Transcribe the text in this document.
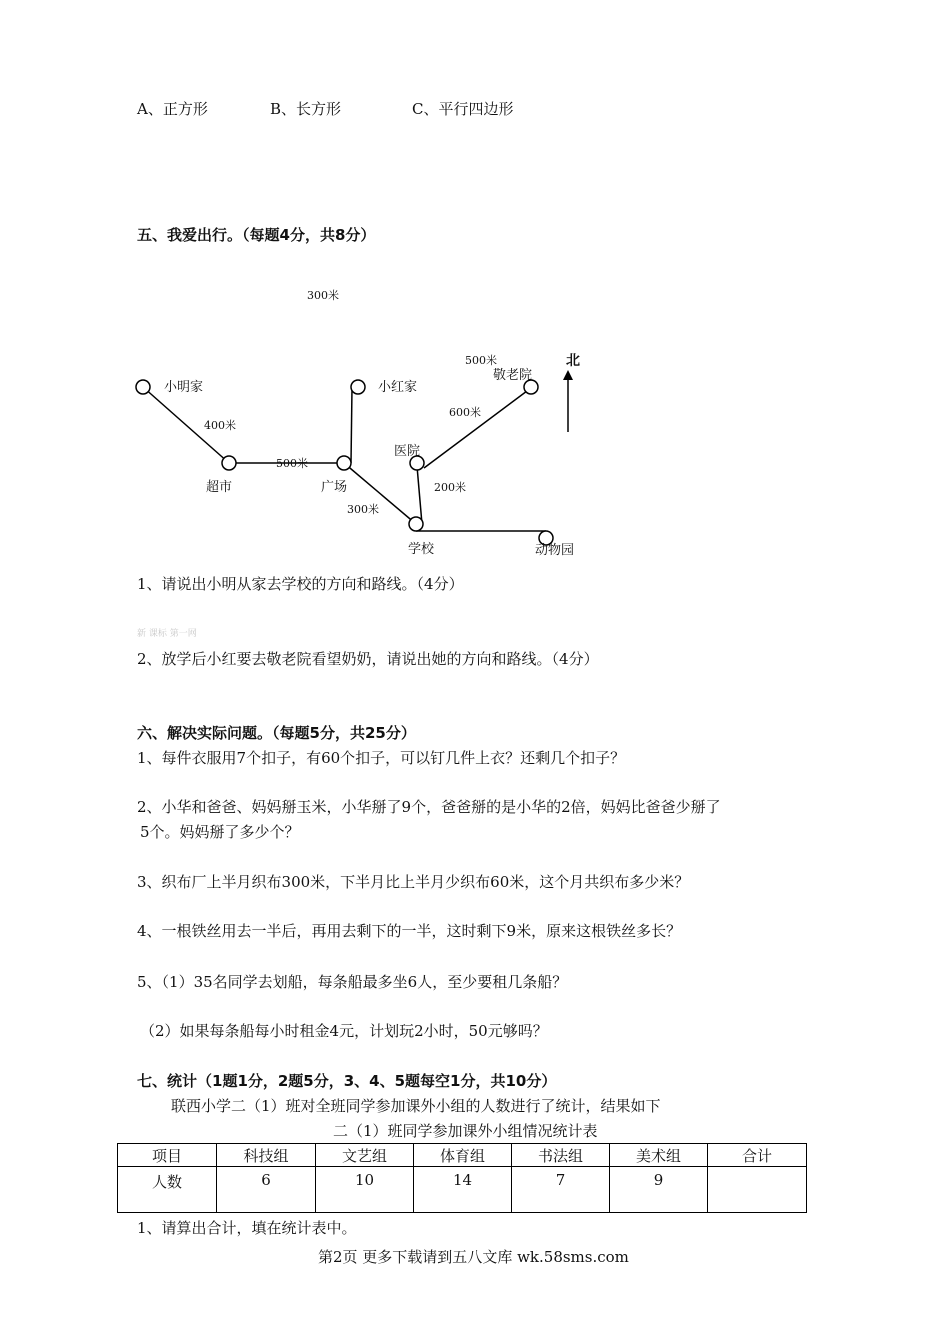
A、正方形	B、长方形	C、平行四边形
五、我爱出行。（每题4分，共8分）
300米
小明家
超市	广场
小红家
医院
学校
敬老院
动物园
400米
500米
300米
200米
600米
500米	北
1、请说出小明从家去学校的方向和路线。（4分）
新 课标 第一网
2、放学后小红要去敬老院看望奶奶，请说出她的方向和路线。（4分）
六、解决实际问题。（每题5分，共25分）
1、每件衣服用7个扣子，有60个扣子，可以钉几件上衣？还剩几个扣子？
2、小华和爸爸、妈妈掰玉米，小华掰了9个，爸爸掰的是小华的2倍，妈妈比爸爸少掰了
5个。妈妈掰了多少个？
3、织布厂上半月织布300米，下半月比上半月少织布60米，这个月共织布多少米？
4、一根铁丝用去一半后，再用去剩下的一半，这时剩下9米，原来这根铁丝多长？
5、（1）35名同学去划船，每条船最多坐6人，至少要租几条船？
（2）如果每条船每小时租金4元，计划玩2小时，50元够吗？
七、统计（1题1分，2题5分，3、4、5题每空1分，共10分）
联西小学二（1）班对全班同学参加课外小组的人数进行了统计，结果如下
二（1）班同学参加课外小组情况统计表
项目	科技组	文艺组	体育组	书法组	美术组	合计
人数	6	10	14	7	9	
1、请算出合计，填在统计表中。
第2页 更多下载请到五八文库 wk.58sms.com
